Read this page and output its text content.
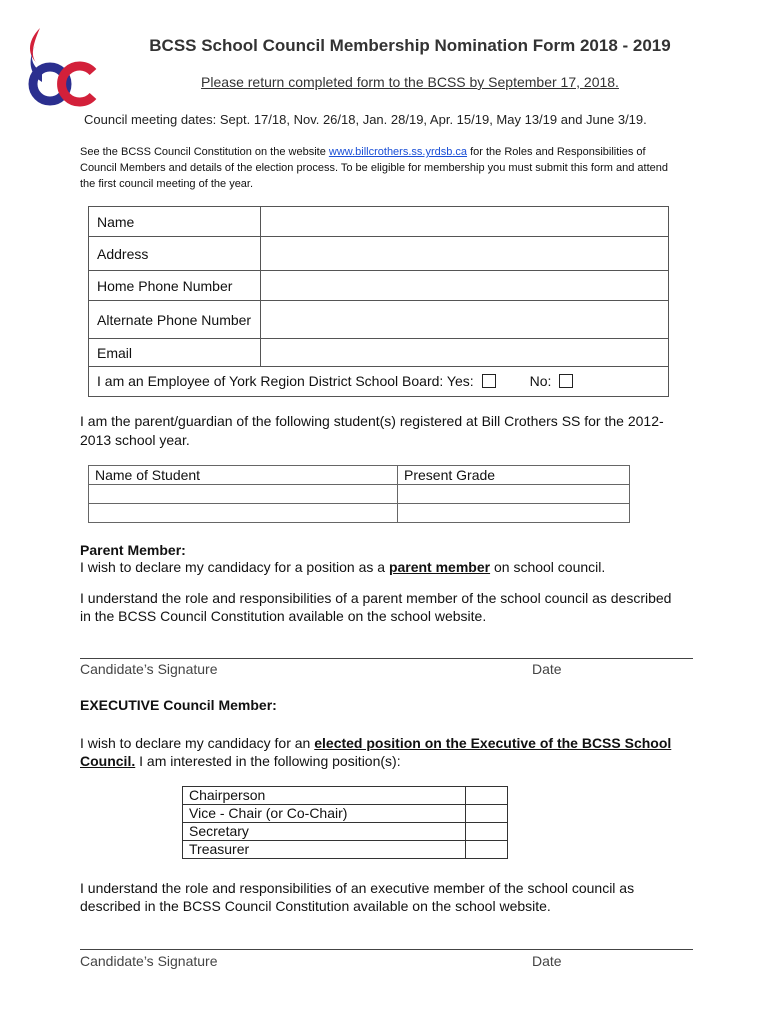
BCSS School Council Membership Nomination Form 2018 - 2019
Please return completed form to the BCSS by September 17, 2018.
Council meeting dates: Sept. 17/18, Nov. 26/18, Jan. 28/19, Apr. 15/19, May 13/19 and June 3/19.
See the BCSS Council Constitution on the website www.billcrothers.ss.yrdsb.ca for the Roles and Responsibilities of Council Members and details of the election process. To be eligible for membership you must submit this form and attend the first council meeting of the year.
Name	
Address	
Home Phone Number	
Alternate Phone Number	
Email	
I am an Employee of York Region District School Board: Yes: No:	
I am the parent/guardian of the following student(s) registered at Bill Crothers SS for the 2012-2013 school year.
Name of Student	Present Grade

Parent Member:
I wish to declare my candidacy for a position as a parent member on school council.
I understand the role and responsibilities of a parent member of the school council as described in the BCSS Council Constitution available on the school website.
Candidate’s Signature	Date
EXECUTIVE Council Member:
I wish to declare my candidacy for an elected position on the Executive of the BCSS School Council. I am interested in the following position(s):
Chairperson	
Vice - Chair (or Co-Chair)	
Secretary	
Treasurer	
I understand the role and responsibilities of an executive member of the school council as described in the BCSS Council Constitution available on the school website.
Candidate’s Signature	Date
